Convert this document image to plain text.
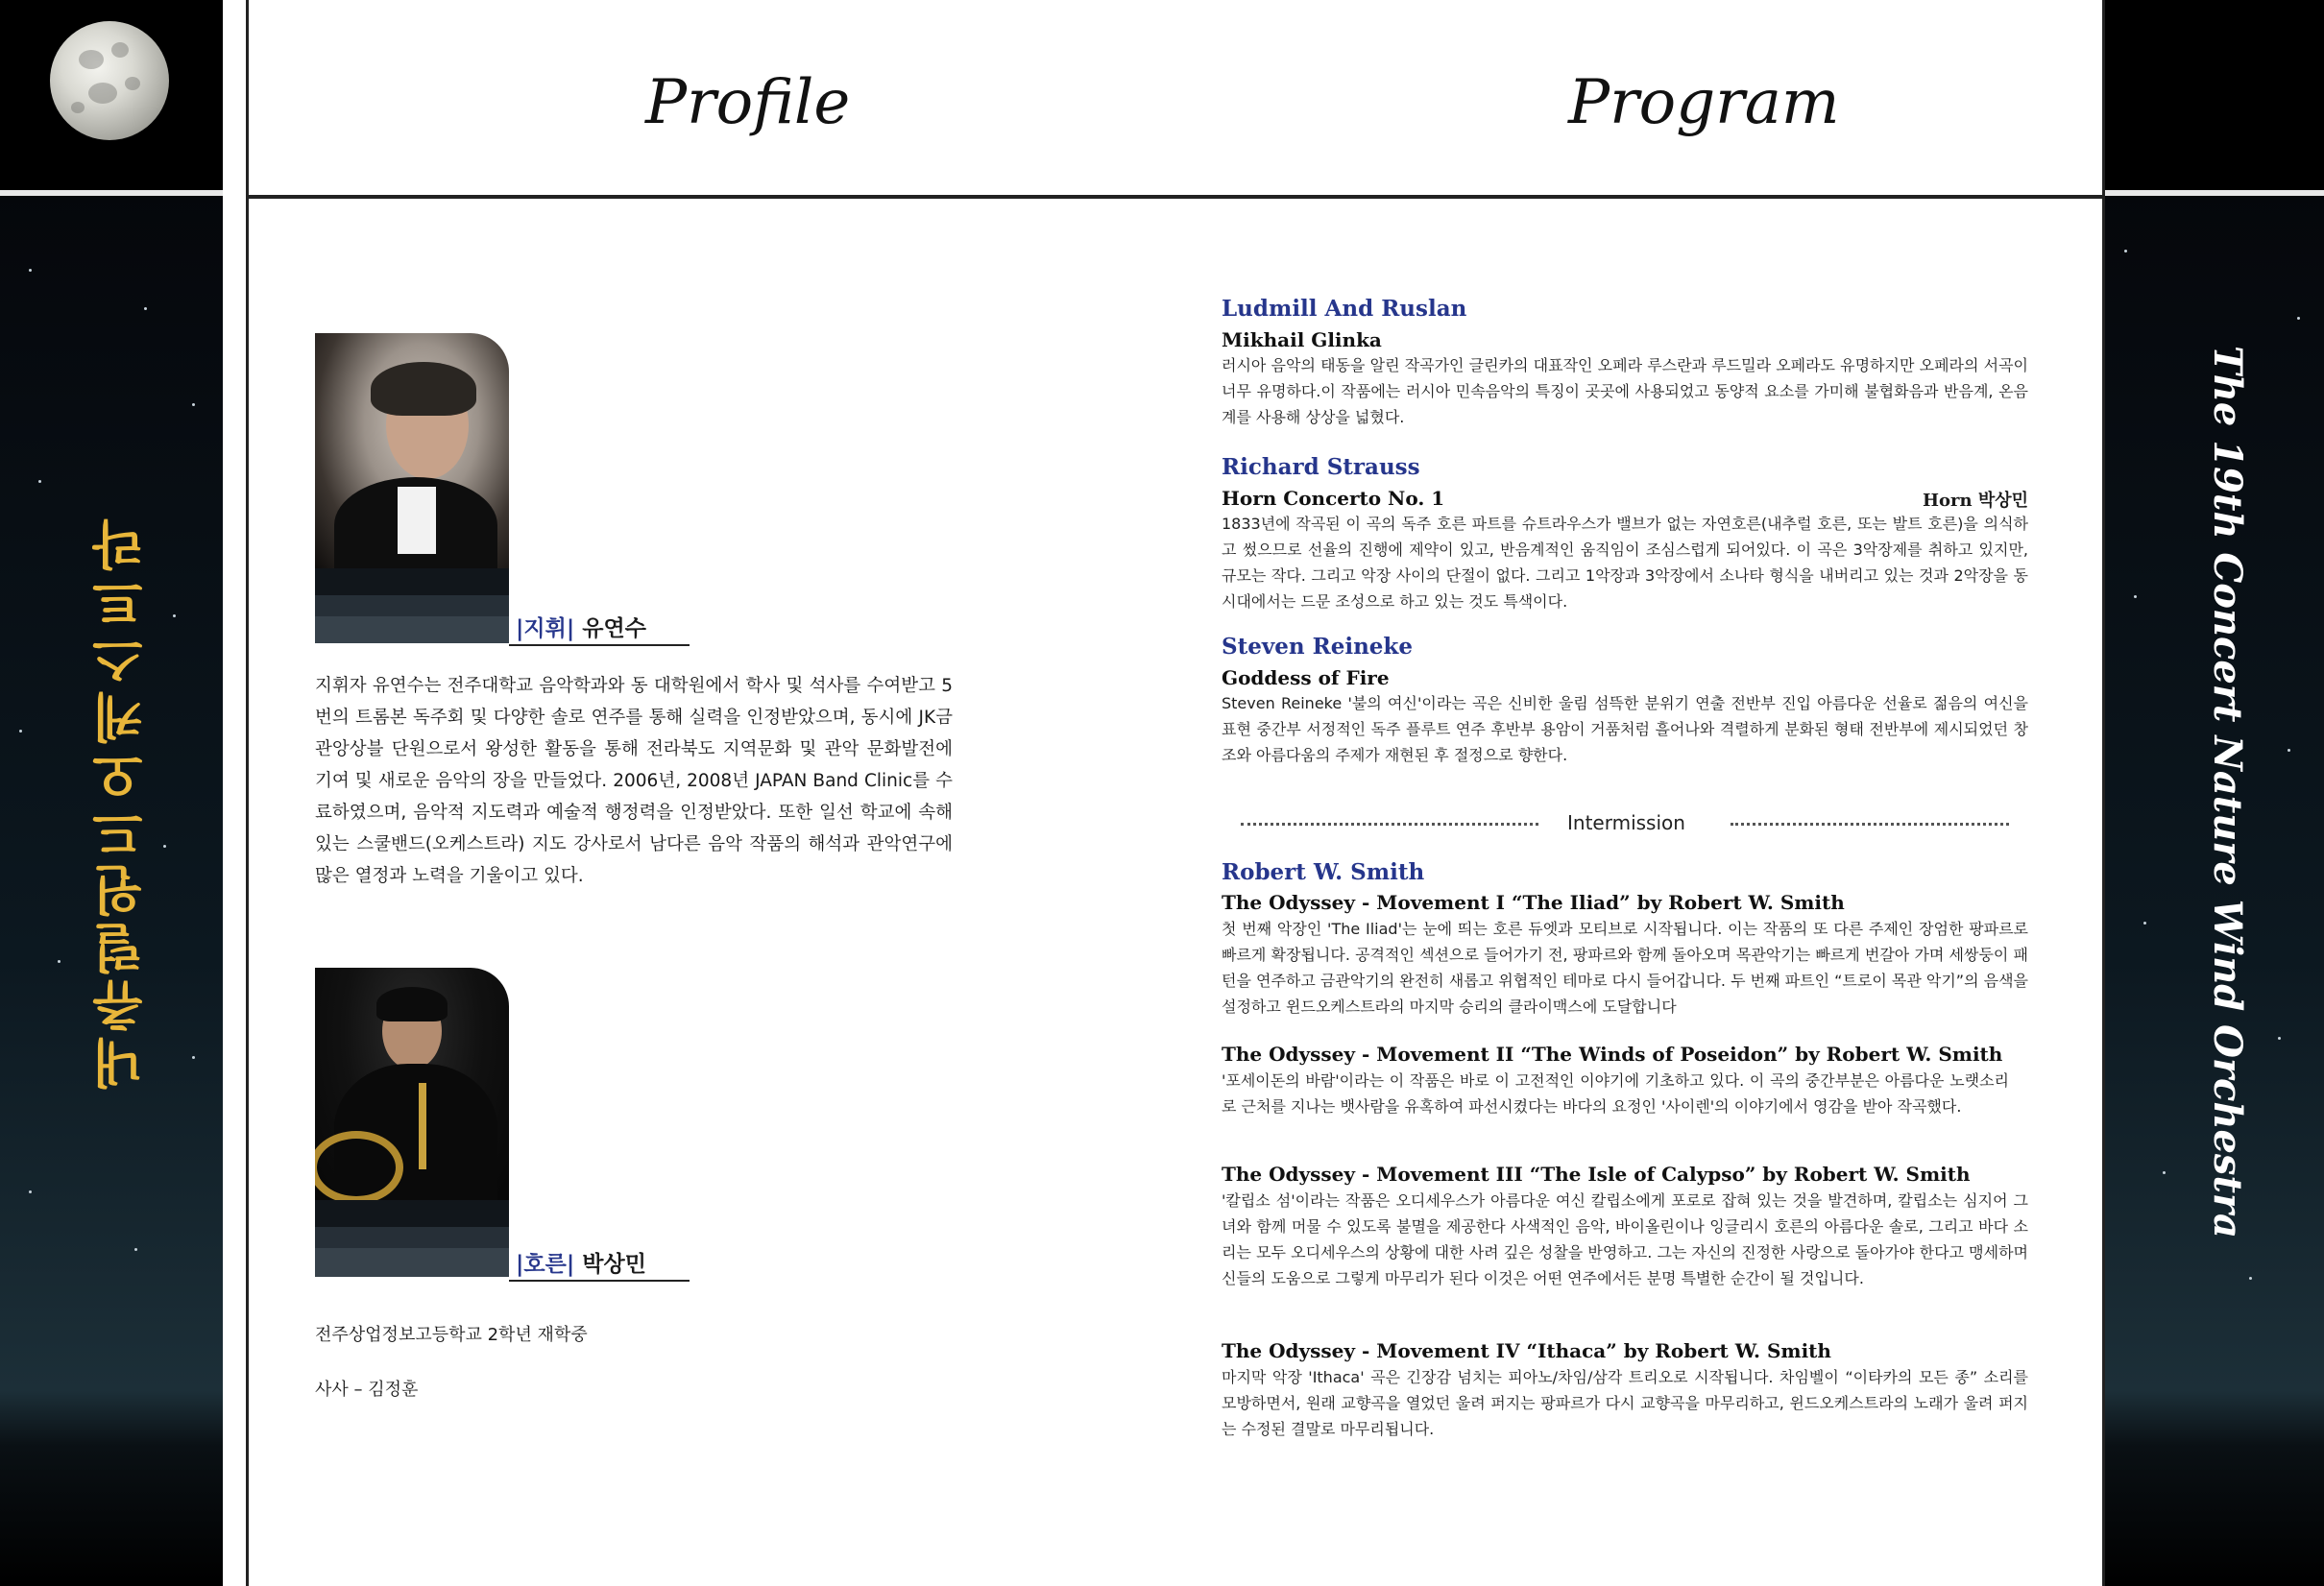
내츄럴윈드오케스트라	The 19th Concert Nature Wind Orchestra
Profile	Program
|지휘| 유연수
지휘자 유연수는 전주대학교 음악학과와 동 대학원에서 학사 및 석사를 수여받고 5번의 트롬본 독주회 및 다양한 솔로 연주를 통해 실력을 인정받았으며, 동시에 JK금관앙상블 단원으로서 왕성한 활동을 통해 전라북도 지역문화 및 관악 문화발전에 기여 및 새로운 음악의 장을 만들었다. 2006년, 2008년 JAPAN Band Clinic를 수료하였으며, 음악적 지도력과 예술적 행정력을 인정받았다. 또한 일선 학교에 속해있는 스쿨밴드(오케스트라) 지도 강사로서 남다른 음악 작품의 해석과 관악연구에 많은 열정과 노력을 기울이고 있다.
|호른| 박상민
전주상업정보고등학교 2학년 재학중
사사 – 김정훈

Ludmill And Ruslan

Mikhail Glinka

러시아 음악의 태동을 알린 작곡가인 글린카의 대표작인 오페라 루스란과 루드밀라 오페라도 유명하지만 오페라의 서곡이 너무 유명하다.이 작품에는 러시아 민속음악의 특징이 곳곳에 사용되었고 동양적 요소를 가미해 불협화음과 반음계, 온음계를 사용해 상상을 넓혔다.

Richard Strauss

Horn Concerto No. 1	Horn 박상민
1833년에 작곡된 이 곡의 독주 호른 파트를 슈트라우스가 밸브가 없는 자연호른(내추럴 호른, 또는 발트 호른)을 의식하고 썼으므로 선율의 진행에 제약이 있고, 반음계적인 움직임이 조심스럽게 되어있다. 이 곡은 3악장제를 취하고 있지만, 규모는 작다. 그리고 악장 사이의 단절이 없다. 그리고 1악장과 3악장에서 소나타 형식을 내버리고 있는 것과 2악장을 동시대에서는 드문 조성으로 하고 있는 것도 특색이다.

Steven Reineke

Goddess of Fire

Steven Reineke '불의 여신'이라는 곡은 신비한 울림 섬뜩한 분위기 연출 전반부 진입 아름다운 선율로 젊음의 여신을 표현 중간부 서정적인 독주 플루트 연주 후반부 용암이 거품처럼 흘어나와 격렬하게 분화된 형태 전반부에 제시되었던 창조와 아름다움의 주제가 재현된 후 절정으로 향한다.
Intermission

Robert W. Smith

The Odyssey - Movement I “The Iliad” by Robert W. Smith

첫 번째 악장인 'The Iliad'는 눈에 띄는 호른 듀엣과 모티브로 시작됩니다. 이는 작품의 또 다른 주제인 장엄한 팡파르로 빠르게 확장됩니다. 공격적인 섹션으로 들어가기 전, 팡파르와 함께 돌아오며 목관악기는 빠르게 번갈아 가며 세쌍둥이 패턴을 연주하고 금관악기의 완전히 새롭고 위협적인 테마로 다시 들어갑니다. 두 번째 파트인 “트로이 목관 악기”의 음색을 설정하고 윈드오케스트라의 마지막 승리의 클라이맥스에 도달합니다

The Odyssey - Movement II “The Winds of Poseidon” by Robert W. Smith

'포세이돈의 바람'이라는 이 작품은 바로 이 고전적인 이야기에 기초하고 있다. 이 곡의 중간부분은 아름다운 노랫소리로 근처를 지나는 뱃사람을 유혹하여 파선시켰다는 바다의 요정인 '사이렌'의 이야기에서 영감을 받아 작곡했다.

The Odyssey - Movement III “The Isle of Calypso” by Robert W. Smith

'칼립소 섬'이라는 작품은 오디세우스가 아름다운 여신 칼립소에게 포로로 잡혀 있는 것을 발견하며, 칼립소는 심지어 그녀와 함께 머물 수 있도록 불멸을 제공한다 사색적인 음악, 바이올린이나 잉글리시 호른의 아름다운 솔로, 그리고 바다 소리는 모두 오디세우스의 상황에 대한 사려 깊은 성찰을 반영하고. 그는 자신의 진정한 사랑으로 돌아가야 한다고 맹세하며 신들의 도움으로 그렇게 마무리가 된다 이것은 어떤 연주에서든 분명 특별한 순간이 될 것입니다.

The Odyssey - Movement IV “Ithaca” by Robert W. Smith

마지막 악장 'Ithaca' 곡은 긴장감 넘치는 피아노/차임/삼각 트리오로 시작됩니다. 차임벨이 “이타카의 모든 종” 소리를 모방하면서, 원래 교향곡을 열었던 울려 퍼지는 팡파르가 다시 교향곡을 마무리하고, 윈드오케스트라의 노래가 울려 퍼지는 수정된 결말로 마무리됩니다.
